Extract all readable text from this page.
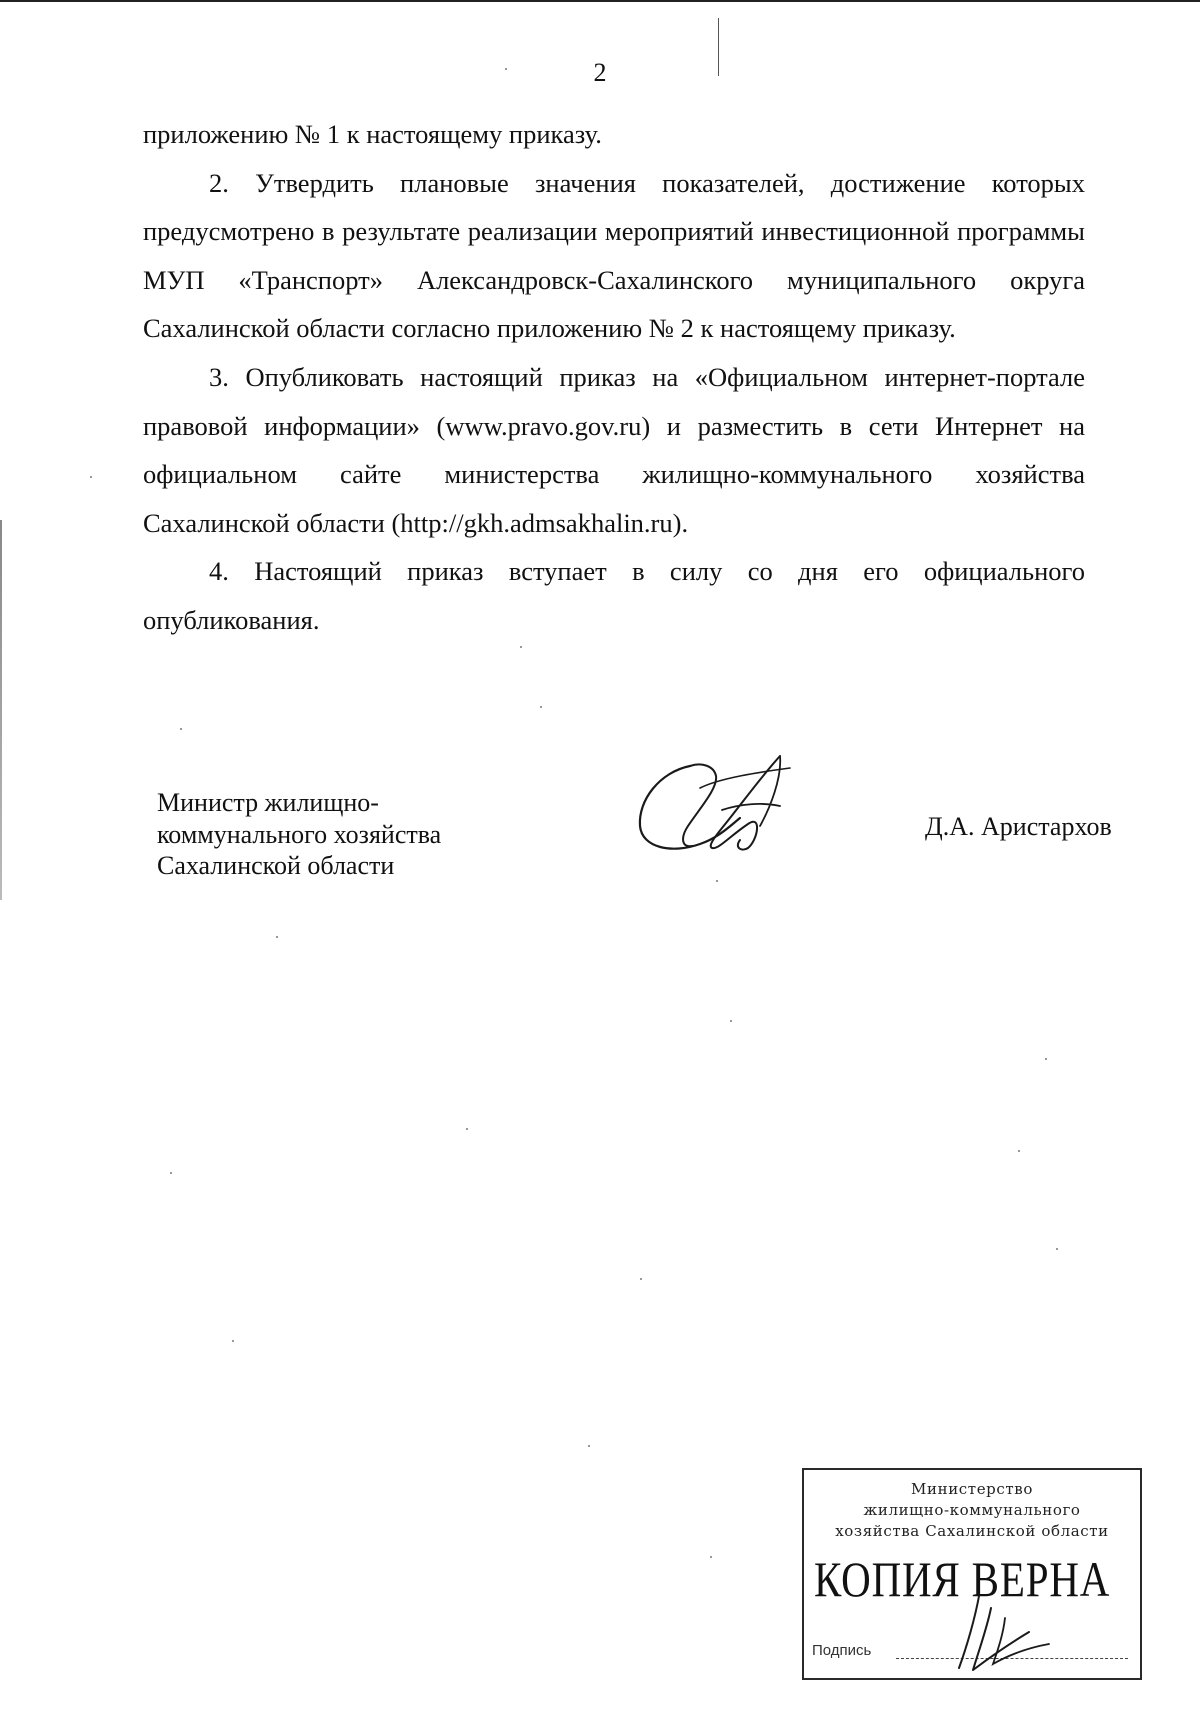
2

приложению № 1 к настоящему приказу.

2. Утвердить плановые значения показателей, достижение которых предусмотрено в результате реализации мероприятий инвестиционной программы МУП «Транспорт» Александровск-Сахалинского муниципального округа Сахалинской области согласно приложению № 2 к настоящему приказу.

3. Опубликовать настоящий приказ на «Официальном интернет-портале правовой информации» (www.pravo.gov.ru) и разместить в сети Интернет на официальном сайте министерства жилищно-коммунального хозяйства Сахалинской области (http://gkh.admsakhalin.ru).

4. Настоящий приказ вступает в силу со дня его официального опубликования.

Министр жилищно-
коммунального хозяйства
Сахалинской области
Д.А. Аристархов
Министерство
жилищно-коммунального
хозяйства Сахалинской области
КОПИЯ ВЕРНА
Подпись
